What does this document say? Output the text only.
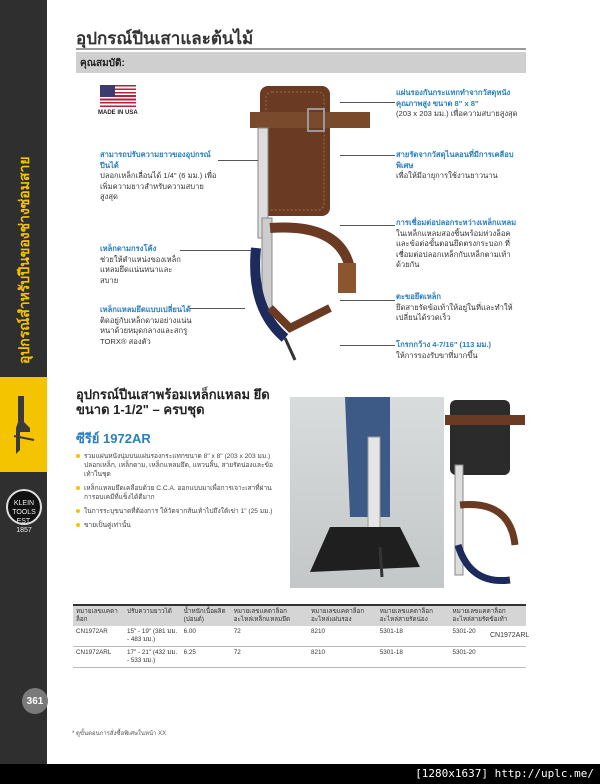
อุปกรณ์สำหรับปีนของช่างซ่อมสาย
KLEIN TOOLS EST. 1857
361
อุปกรณ์ปีนเสาและต้นไม้
คุณสมบัติ:
MADE IN USA
แผ่นรองกันกระแทกทำจากวัสดุหนังคุณภาพสูง ขนาด 8" x 8"
(203 x 203 มม.) เพื่อความสบายสูงสุด
สายรัดจากวัสดุไนลอนที่มีการเคลือบพิเศษ
เพื่อให้มีอายุการใช้งานยาวนาน
สามารถปรับความยาวของอุปกรณ์ปีนได้
ปลอกเหล็กเลื่อนได้ 1/4" (6 มม.) เพื่อเพิ่มความยาวสำหรับความสบายสูงสุด
การเชื่อมต่อปลอกระหว่างเหล็กแหลม
ในเหล็กแหลมสองชิ้นพร้อมห่วงล็อคและข้อต่อขั้นตอนยึดตรงกระบอก ที่เชื่อมต่อปลอกเหล็กกับเหล็กตามเท้าด้วยกัน
เหล็กดามกรงโค้ง
ช่วยให้ตำแหน่งของเหล็กแหลมยึดแน่นหนาและสบาย
ตะขอยึดเหล็ก
ยึดสายรัดข้อเท้าให้อยู่ในที่และทำให้เปลี่ยนได้รวดเร็ว
เหล็กแหลมยึดแบบเปลี่ยนได้
ติดอยู่กับเหล็กดามอย่างแน่นหนาด้วยหมุดกลางและสกรู TORX® สองตัว	โกรกกว้าง 4-7/16" (113 มม.)
ให้การรองรับขาที่มากขึ้น
อุปกรณ์ปีนเสาพร้อมเหล็กแหลม ยึดขนาด 1-1/2" – ครบชุด
ซีรีย์ 1972AR
รวมแผ่นหนังนุ่มบนแผ่นรองกระแทกขนาด 8" x 8" (203 x 203 มม.) ปลอกเหล็ก, เหล็กดาม, เหล็กแหลมยึด, แหวนลิ้น, สายรัดน่องและข้อเท้าในชุด
เหล็กแหลมยึดเคลือบด้วย C.C.A. ออกแบบมาเพื่อการเจาะเสาที่ผ่านการอบเคมีที่แข็งได้ดีมาก
ในการระบุขนาดที่ต้องการ ให้วัดจากส้นเท้าไปถึงใต้เข่า 1" (25 มม.)
ขายเป็นคู่เท่านั้น
CN1972ARL
หมายเลขแคตาล็อก	ปรับความยาวได้	น้ำหนักเนื้อผลิต (ปอนด์)	หมายเลขแคตาล็อกอะไหล่เหล็กแหลมยึด	หมายเลขแคตาล็อกอะไหล่แผ่นรอง	หมายเลขแคตาล็อกอะไหล่สายรัดน่อง	หมายเลขแคตาล็อกอะไหล่สายรัดข้อเท้า
CN1972AR	15" - 19" (381 มม. - 483 มม.)	6.00	72	8210	5301-18	5301-20
CN1972ARL	17" - 21" (432 มม. - 533 มม.)	6.25	72	8210	5301-18	5301-20
* ดูขั้นตอนการสั่งซื้อพิเศษในหน้า XX
[1280x1637] http://uplc.me/
